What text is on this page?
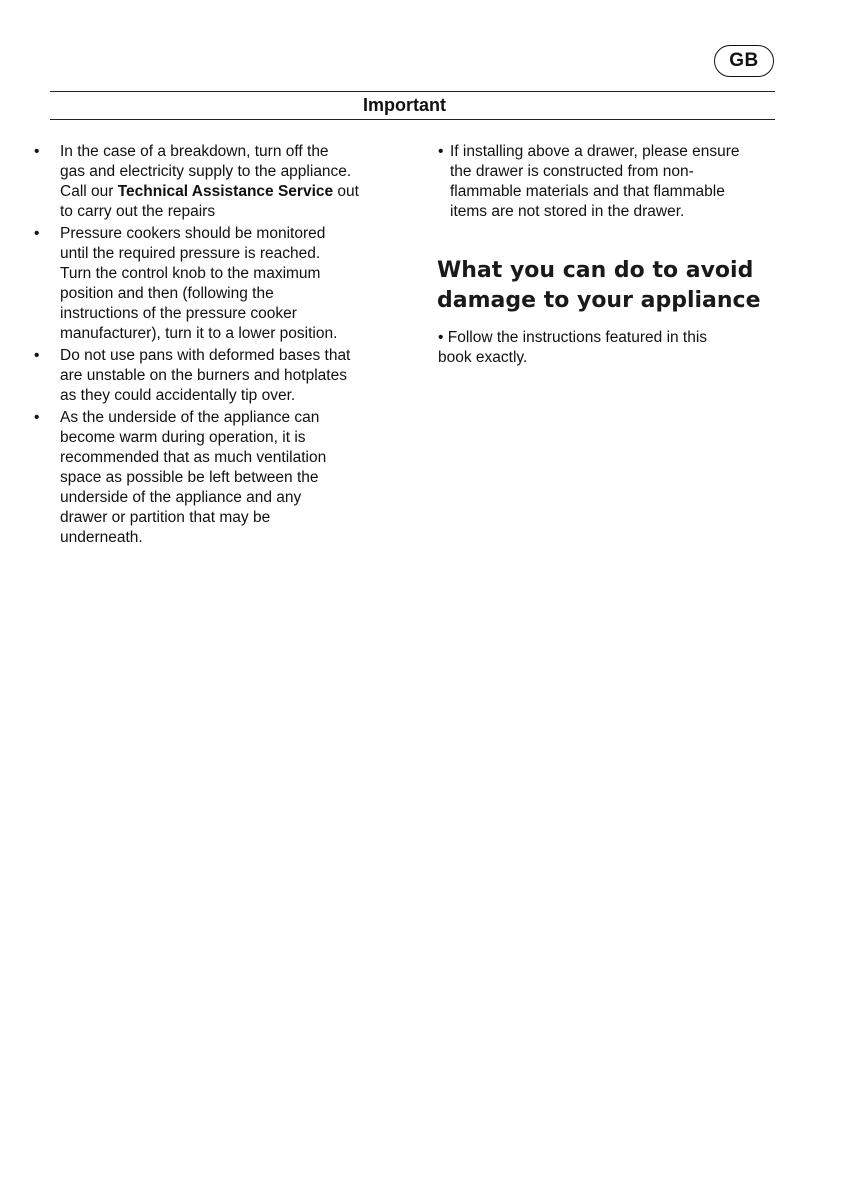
GB
Important
•	In the case of a breakdown, turn off the
gas and electricity supply to the appliance.
Call our Technical Assistance Service out
to carry out the repairs
•	Pressure cookers should be monitored
until the required pressure is reached.
Turn the control knob to the maximum
position and then (following the
instructions of the pressure cooker
manufacturer), turn it to a lower position.
•	Do not use pans with deformed bases that
are unstable on the burners and hotplates
as they could accidentally tip over.
•	As the underside of the appliance can
become warm during operation, it is
recommended that as much ventilation
space as possible be left between the
underside of the appliance and any
drawer or partition that may be
underneath.
• If installing above a drawer, please ensure
the drawer is constructed from non-
flammable materials and that flammable
items are not stored in the drawer.
What you can do to avoid
damage to your appliance
• Follow the instructions featured in this
book exactly.
